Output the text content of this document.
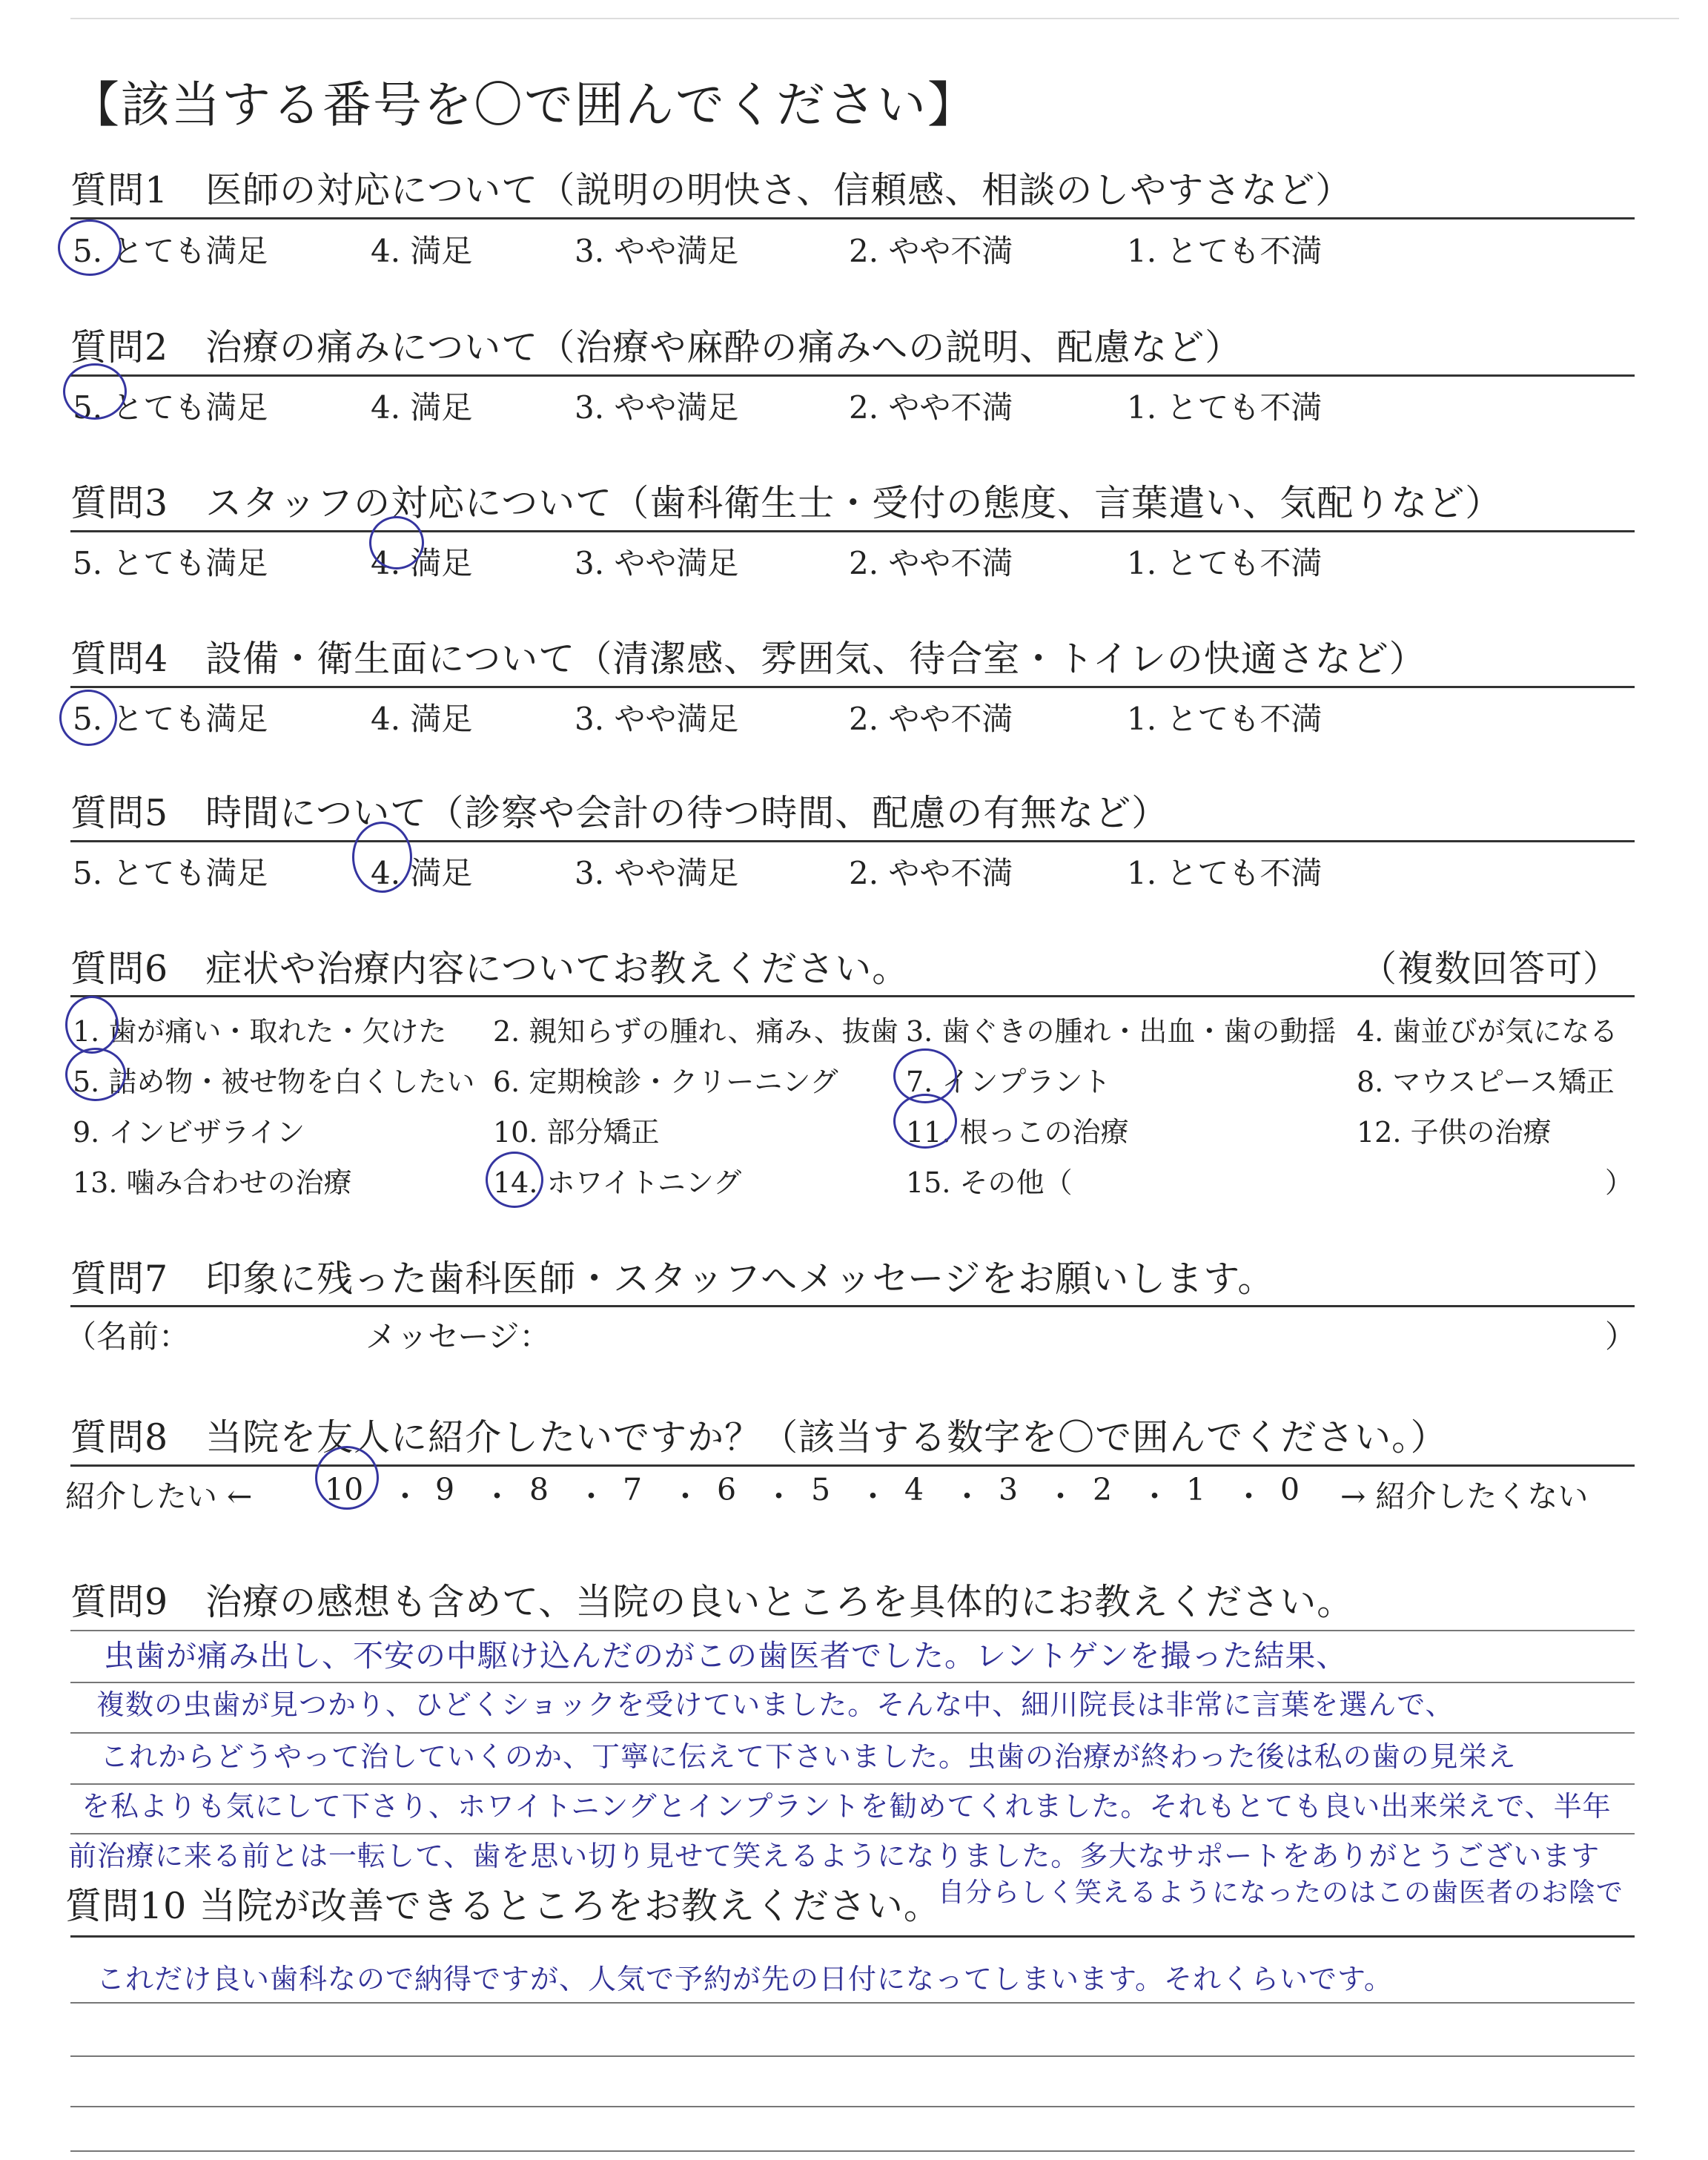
【該当する番号を〇で囲んでください】
質問1　医師の対応について（説明の明快さ、信頼感、相談のしやすさなど）
5. とても満足	4. 満足	3. やや満足	2. やや不満	1. とても不満
質問2　治療の痛みについて（治療や麻酔の痛みへの説明、配慮など）
5. とても満足	4. 満足	3. やや満足	2. やや不満	1. とても不満
質問3　スタッフの対応について（歯科衛生士・受付の態度、言葉遣い、気配りなど）
5. とても満足	4. 満足	3. やや満足	2. やや不満	1. とても不満
質問4　設備・衛生面について（清潔感、雰囲気、待合室・トイレの快適さなど）
5. とても満足	4. 満足	3. やや満足	2. やや不満	1. とても不満
質問5　時間について（診察や会計の待つ時間、配慮の有無など）
5. とても満足	4. 満足	3. やや満足	2. やや不満	1. とても不満
質問6　症状や治療内容についてお教えください。	（複数回答可）
1. 歯が痛い・取れた・欠けた 2. 親知らずの腫れ、痛み、抜歯 3. 歯ぐきの腫れ・出血・歯の動揺 4. 歯並びが気になる
5. 詰め物・被せ物を白くしたい 6. 定期検診・クリーニング 7. インプラント	8. マウスピース矯正
9. インビザライン	10. 部分矯正	11. 根っこの治療	12. 子供の治療
13. 噛み合わせの治療	14. ホワイトニング	15. その他（	）
質問7　印象に残った歯科医師・スタッフへメッセージをお願いします。
（名前：	メッセージ：	）
質問8　当院を友人に紹介したいですか？（該当する数字を〇で囲んでください。）
紹介したい ← 10 ・ 9 ・ 8 ・ 7 ・ 6 ・ 5 ・ 4 ・ 3 ・ 2 ・ 1 ・ 0 → 紹介したくない
質問9　治療の感想も含めて、当院の良いところを具体的にお教えください。
虫歯が痛み出し、不安の中駆け込んだのがこの歯医者でした。レントゲンを撮った結果、
複数の虫歯が見つかり、ひどくショックを受けていました。そんな中、細川院長は非常に言葉を選んで、
これからどうやって治していくのか、丁寧に伝えて下さいました。虫歯の治療が終わった後は私の歯の見栄え
を私よりも気にして下さり、ホワイトニングとインプラントを勧めてくれました。それもとても良い出来栄えで、半年
前治療に来る前とは一転して、歯を思い切り見せて笑えるようになりました。多大なサポートをありがとうございます
質問10 当院が改善できるところをお教えください。
自分らしく笑えるようになったのはこの歯医者のお陰で
これだけ良い歯科なので納得ですが、人気で予約が先の日付になってしまいます。それくらいです。
